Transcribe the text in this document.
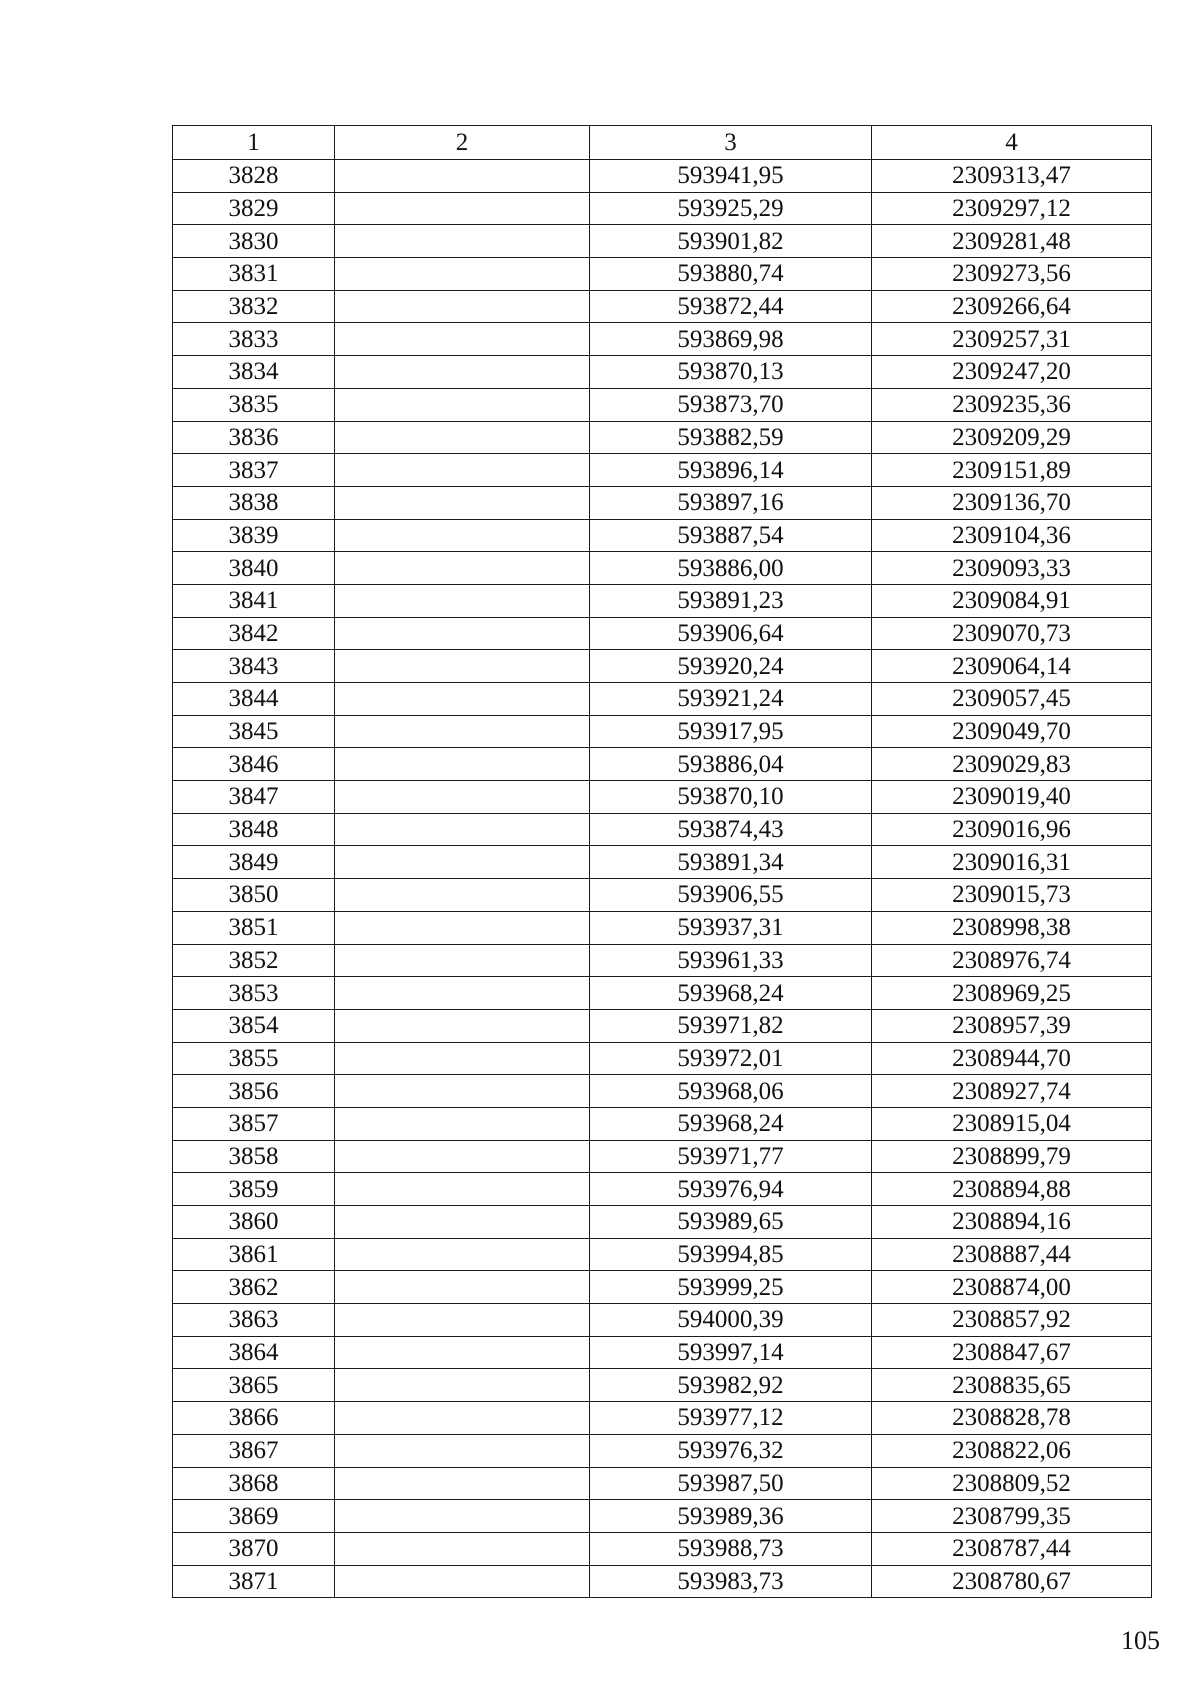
1	2	3	4
3828		593941,95	2309313,47
3829		593925,29	2309297,12
3830		593901,82	2309281,48
3831		593880,74	2309273,56
3832		593872,44	2309266,64
3833		593869,98	2309257,31
3834		593870,13	2309247,20
3835		593873,70	2309235,36
3836		593882,59	2309209,29
3837		593896,14	2309151,89
3838		593897,16	2309136,70
3839		593887,54	2309104,36
3840		593886,00	2309093,33
3841		593891,23	2309084,91
3842		593906,64	2309070,73
3843		593920,24	2309064,14
3844		593921,24	2309057,45
3845		593917,95	2309049,70
3846		593886,04	2309029,83
3847		593870,10	2309019,40
3848		593874,43	2309016,96
3849		593891,34	2309016,31
3850		593906,55	2309015,73
3851		593937,31	2308998,38
3852		593961,33	2308976,74
3853		593968,24	2308969,25
3854		593971,82	2308957,39
3855		593972,01	2308944,70
3856		593968,06	2308927,74
3857		593968,24	2308915,04
3858		593971,77	2308899,79
3859		593976,94	2308894,88
3860		593989,65	2308894,16
3861		593994,85	2308887,44
3862		593999,25	2308874,00
3863		594000,39	2308857,92
3864		593997,14	2308847,67
3865		593982,92	2308835,65
3866		593977,12	2308828,78
3867		593976,32	2308822,06
3868		593987,50	2308809,52
3869		593989,36	2308799,35
3870		593988,73	2308787,44
3871		593983,73	2308780,67
105
